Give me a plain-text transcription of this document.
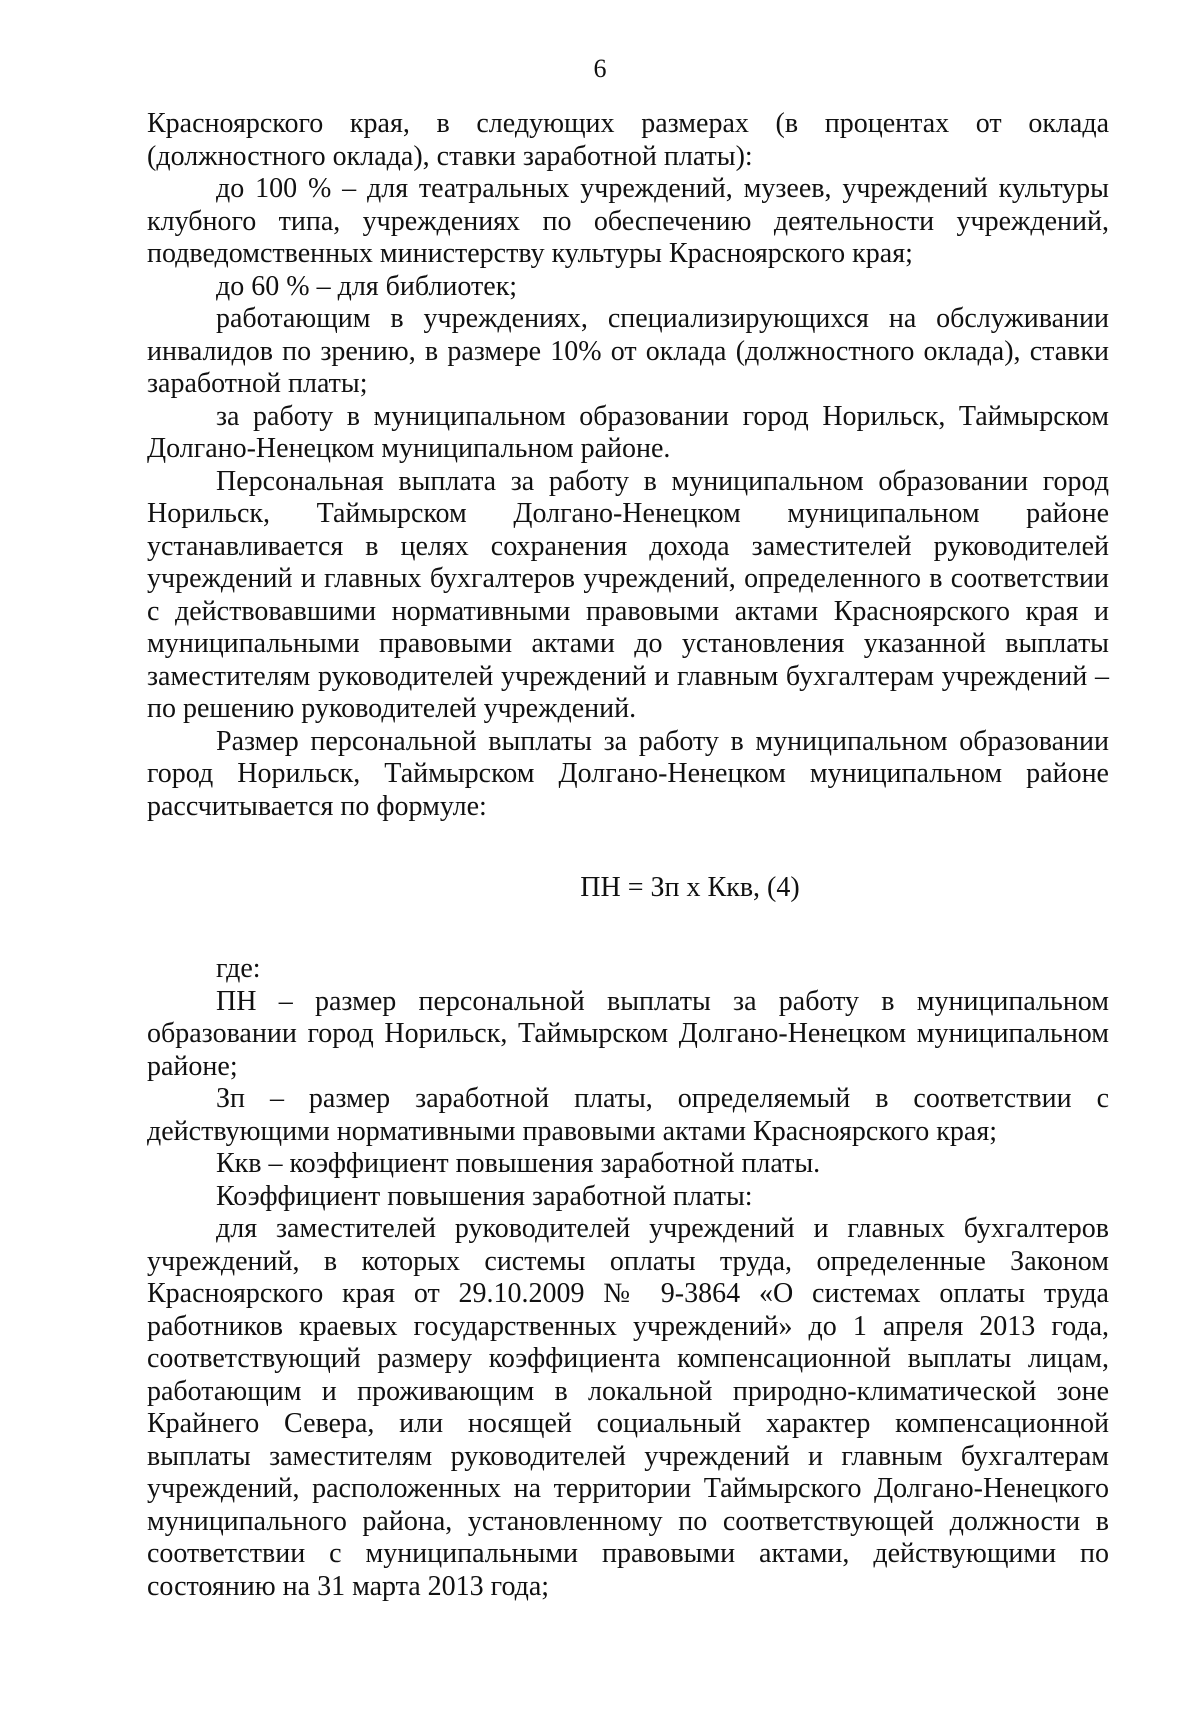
6

Красноярского края, в следующих размерах (в процентах от оклада (должностного оклада), ставки заработной платы):

до 100 % – для театральных учреждений, музеев, учреждений культуры клубного типа, учреждениях по обеспечению деятельности учреждений, подведомственных министерству культуры Красноярского края;

до 60 % – для библиотек;

работающим в учреждениях, специализирующихся на обслуживании инвалидов по зрению, в размере 10% от оклада (должностного оклада), ставки заработной платы;

за работу в муниципальном образовании город Норильск, Таймырском Долгано-Ненецком муниципальном районе.

Персональная выплата за работу в муниципальном образовании город Норильск, Таймырском Долгано-Ненецком муниципальном районе устанавливается в целях сохранения дохода заместителей руководителей учреждений и главных бухгалтеров учреждений, определенного в соответствии с действовавшими нормативными правовыми актами Красноярского края и муниципальными правовыми актами до установления указанной выплаты заместителям руководителей учреждений и главным бухгалтерам учреждений – по решению руководителей учреждений.

Размер персональной выплаты за работу в муниципальном образовании город Норильск, Таймырском Долгано-Ненецком муниципальном районе рассчитывается по формуле:

ПН = Зп х Ккв, (4)

где:

ПН – размер персональной выплаты за работу в муниципальном образовании город Норильск, Таймырском Долгано-Ненецком муниципальном районе;

Зп – размер заработной платы, определяемый в соответствии с действующими нормативными правовыми актами Красноярского края;

Ккв – коэффициент повышения заработной платы.

Коэффициент повышения заработной платы:

для заместителей руководителей учреждений и главных бухгалтеров учреждений, в которых системы оплаты труда, определенные Законом Красноярского края от 29.10.2009 № 9-3864 «О системах оплаты труда работников краевых государственных учреждений» до 1 апреля 2013 года, соответствующий размеру коэффициента компенсационной выплаты лицам, работающим и проживающим в локальной природно-климатической зоне Крайнего Севера, или носящей социальный характер компенсационной выплаты заместителям руководителей учреждений и главным бухгалтерам учреждений, расположенных на территории Таймырского Долгано-Ненецкого муниципального района, установленному по соответствующей должности в соответствии с муниципальными правовыми актами, действующими по состоянию на 31 марта 2013 года;
